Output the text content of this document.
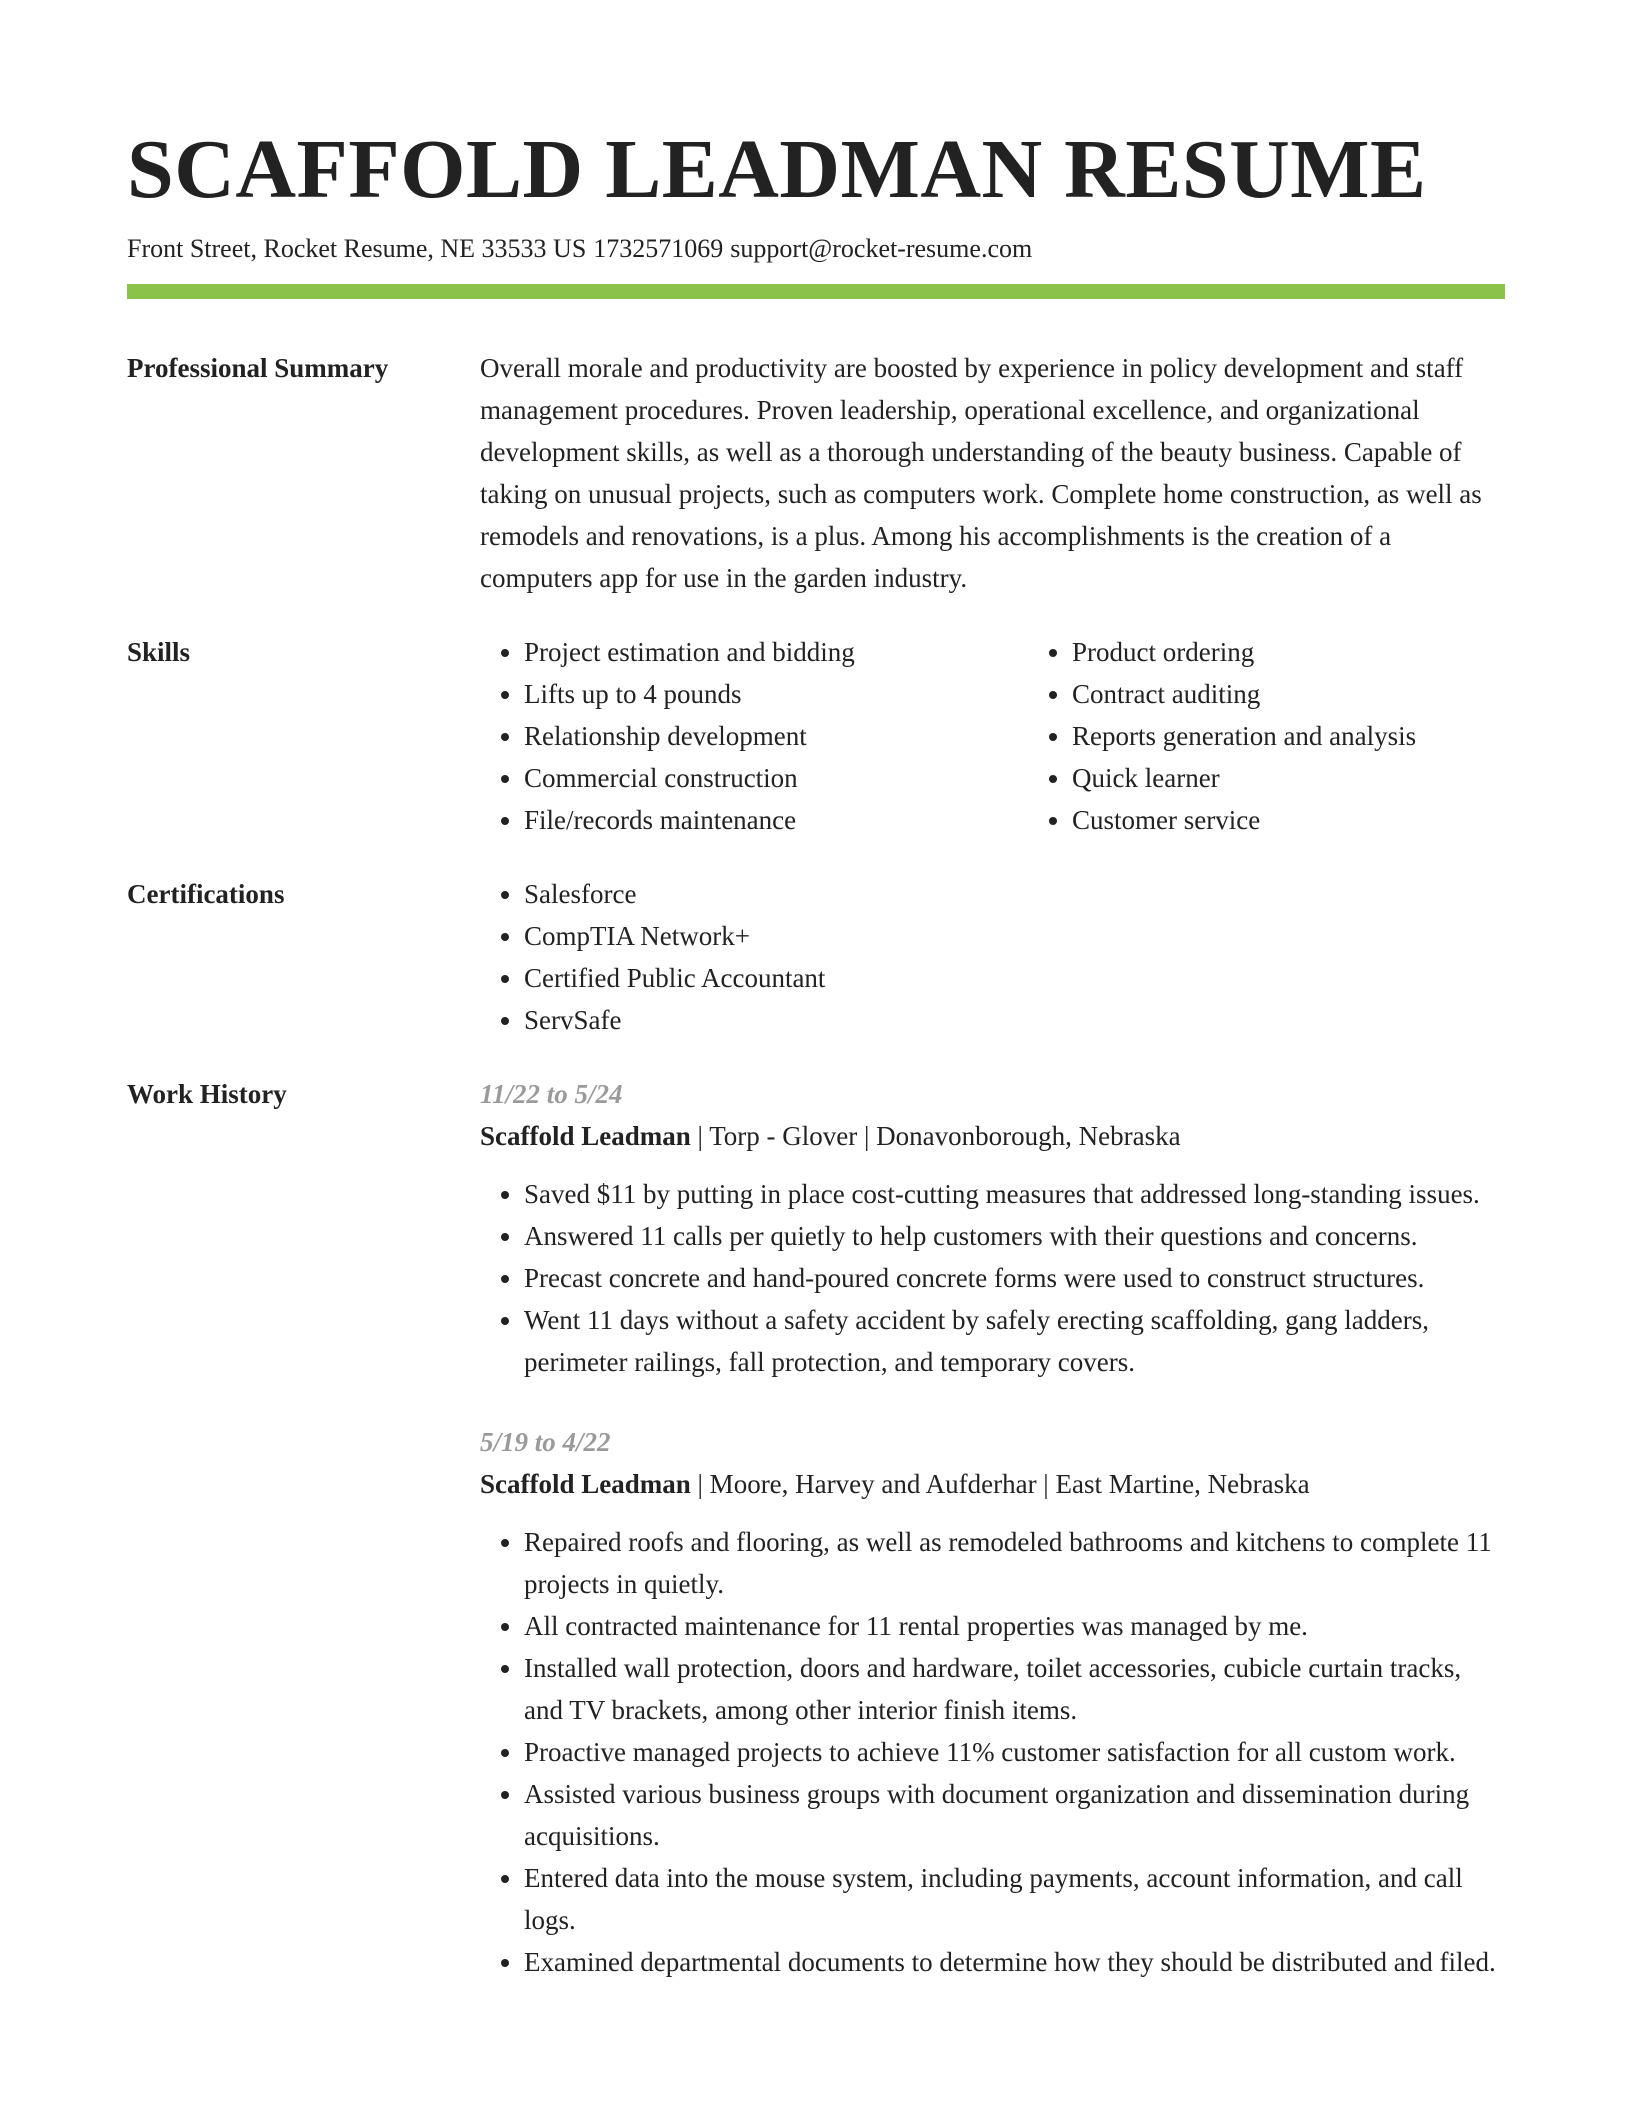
SCAFFOLD LEADMAN RESUME
Front Street, Rocket Resume, NE 33533 US 1732571069 support@rocket-resume.com
Professional Summary	Overall morale and productivity are boosted by experience in policy development and staff management procedures. Proven leadership, operational excellence, and organizational development skills, as well as a thorough understanding of the beauty business. Capable of taking on unusual projects, such as computers work. Complete home construction, as well as remodels and renovations, is a plus. Among his accomplishments is the creation of a computers app for use in the garden industry.
Skills	• Project estimation and bidding
• Lifts up to 4 pounds
• Relationship development
• Commercial construction
• File/records maintenance
• Product ordering
• Contract auditing
• Reports generation and analysis
• Quick learner
• Customer service
Certifications	• Salesforce
• CompTIA Network+
• Certified Public Accountant
• ServSafe
Work History	11/22 to 5/24
Scaffold Leadman | Torp - Glover | Donavonborough, Nebraska
• Saved $11 by putting in place cost-cutting measures that addressed long-standing issues.
• Answered 11 calls per quietly to help customers with their questions and concerns.
• Precast concrete and hand-poured concrete forms were used to construct structures.
• Went 11 days without a safety accident by safely erecting scaffolding, gang ladders, perimeter railings, fall protection, and temporary covers.
5/19 to 4/22
Scaffold Leadman | Moore, Harvey and Aufderhar | East Martine, Nebraska
• Repaired roofs and flooring, as well as remodeled bathrooms and kitchens to complete 11 projects in quietly.
• All contracted maintenance for 11 rental properties was managed by me.
• Installed wall protection, doors and hardware, toilet accessories, cubicle curtain tracks, and TV brackets, among other interior finish items.
• Proactive managed projects to achieve 11% customer satisfaction for all custom work.
• Assisted various business groups with document organization and dissemination during acquisitions.
• Entered data into the mouse system, including payments, account information, and call logs.
• Examined departmental documents to determine how they should be distributed and filed.
